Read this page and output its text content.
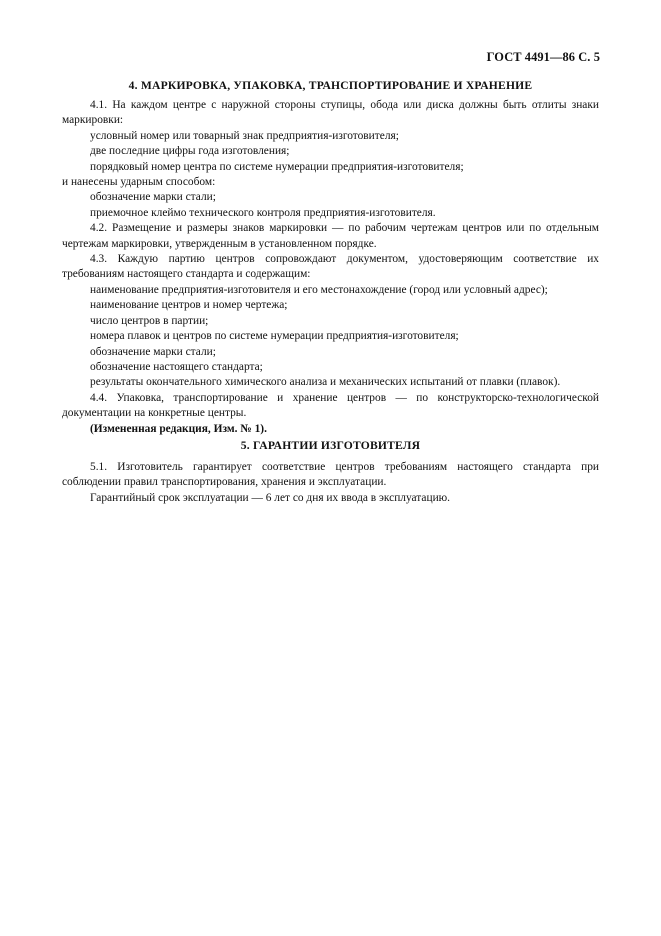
ГОСТ 4491—86 С. 5
4. МАРКИРОВКА, УПАКОВКА, ТРАНСПОРТИРОВАНИЕ И ХРАНЕНИЕ

4.1. На каждом центре с наружной стороны ступицы, обода или диска должны быть отлиты знаки маркировки:

условный номер или товарный знак предприятия-изготовителя;

две последние цифры года изготовления;

порядковый номер центра по системе нумерации предприятия-изготовителя;

и нанесены ударным способом:

обозначение марки стали;

приемочное клеймо технического контроля предприятия-изготовителя.

4.2. Размещение и размеры знаков маркировки — по рабочим чертежам центров или по отдельным чертежам маркировки, утвержденным в установленном порядке.

4.3. Каждую партию центров сопровождают документом, удостоверяющим соответствие их требованиям настоящего стандарта и содержащим:

наименование предприятия-изготовителя и его местонахождение (город или условный адрес);

наименование центров и номер чертежа;

число центров в партии;

номера плавок и центров по системе нумерации предприятия-изготовителя;

обозначение марки стали;

обозначение настоящего стандарта;

результаты окончательного химического анализа и механических испытаний от плавки (плавок).

4.4. Упаковка, транспортирование и хранение центров — по конструкторско-технологической документации на конкретные центры.

(Измененная редакция, Изм. № 1).

5. ГАРАНТИИ ИЗГОТОВИТЕЛЯ

5.1. Изготовитель гарантирует соответствие центров требованиям настоящего стандарта при соблюдении правил транспортирования, хранения и эксплуатации.

Гарантийный срок эксплуатации — 6 лет со дня их ввода в эксплуатацию.
